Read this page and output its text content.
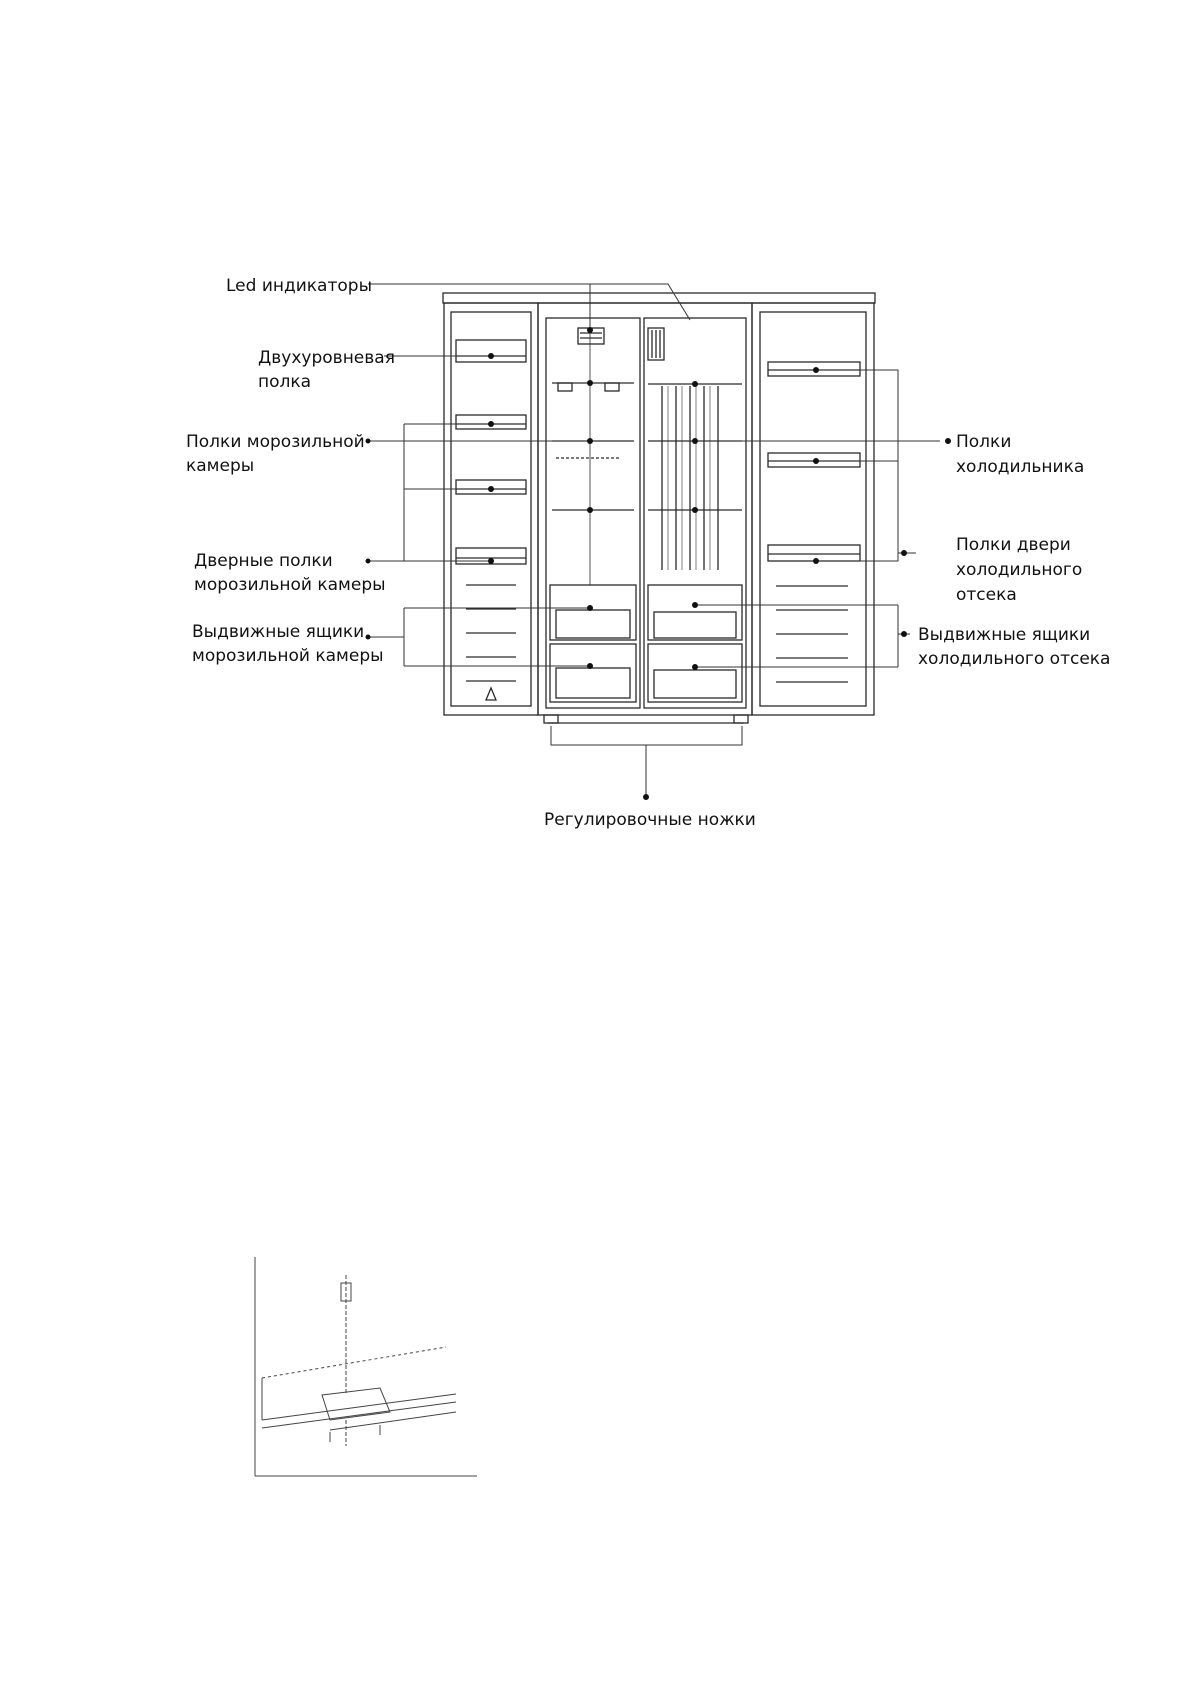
Led индикаторы
Двухуровневая
полка
Полки морозильной
камеры
Дверные полки
морозильной камеры
Выдвижные ящики
морозильной камеры
Полки
холодильника
Полки двери
холодильного
отсека
Выдвижные ящики
холодильного отсека
Регулировочные ножки
